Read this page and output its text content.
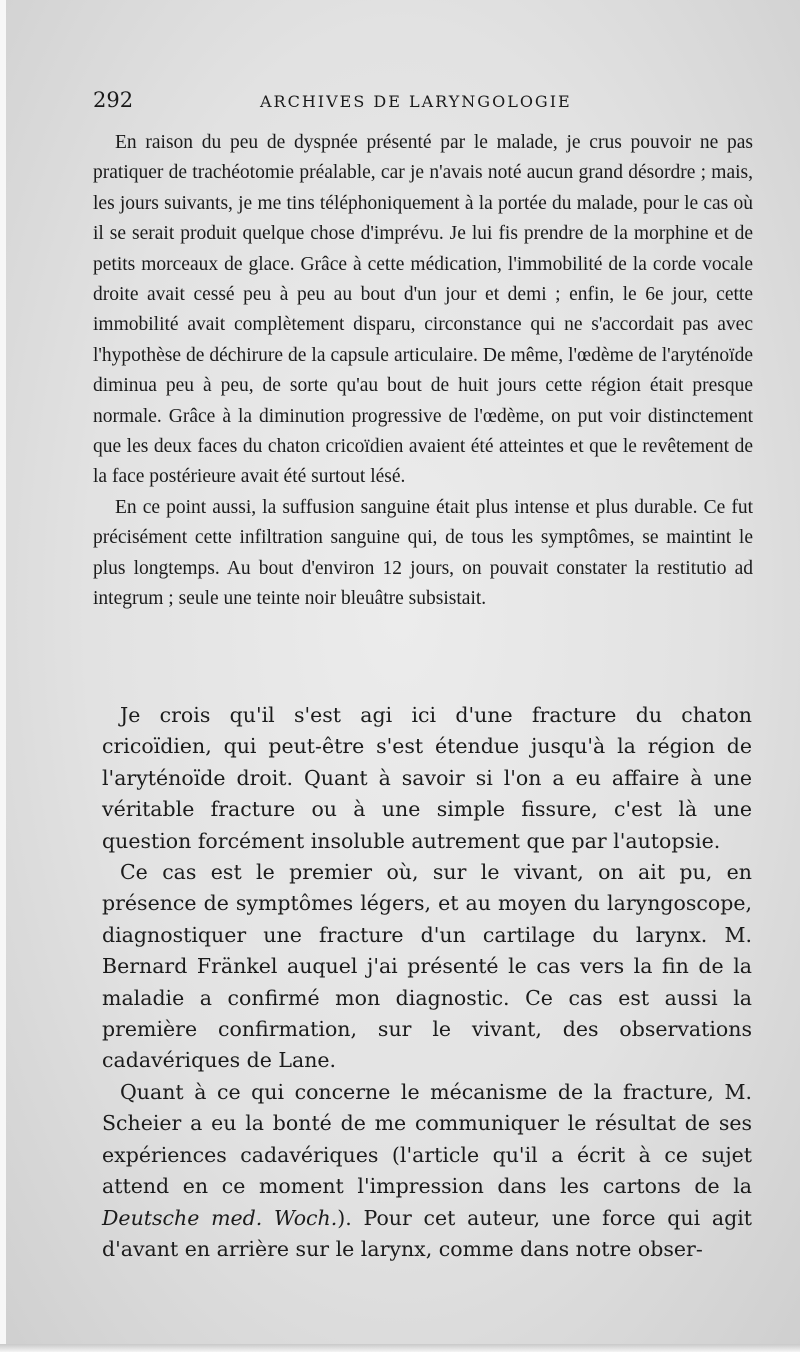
292	ARCHIVES DE LARYNGOLOGIE

En raison du peu de dyspnée présenté par le malade, je crus pouvoir ne pas pratiquer de trachéotomie préalable, car je n'avais noté aucun grand désordre ; mais, les jours suivants, je me tins téléphoniquement à la portée du malade, pour le cas où il se serait produit quelque chose d'imprévu. Je lui fis prendre de la morphine et de petits morceaux de glace. Grâce à cette médication, l'immobilité de la corde vocale droite avait cessé peu à peu au bout d'un jour et demi ; enfin, le 6e jour, cette immobilité avait complètement disparu, circonstance qui ne s'accordait pas avec l'hypothèse de déchirure de la capsule articulaire. De même, l'œdème de l'aryténoïde diminua peu à peu, de sorte qu'au bout de huit jours cette région était presque normale. Grâce à la diminution progressive de l'œdème, on put voir distinctement que les deux faces du chaton cricoïdien avaient été atteintes et que le revêtement de la face postérieure avait été surtout lésé.

En ce point aussi, la suffusion sanguine était plus intense et plus durable. Ce fut précisément cette infiltration sanguine qui, de tous les symptômes, se maintint le plus longtemps. Au bout d'environ 12 jours, on pouvait constater la restitutio ad integrum ; seule une teinte noir bleuâtre subsistait.

Je crois qu'il s'est agi ici d'une fracture du chaton cricoïdien, qui peut-être s'est étendue jusqu'à la région de l'aryténoïde droit. Quant à savoir si l'on a eu affaire à une véritable fracture ou à une simple fissure, c'est là une question forcément insoluble autrement que par l'autopsie.

Ce cas est le premier où, sur le vivant, on ait pu, en présence de symptômes légers, et au moyen du laryngoscope, diagnostiquer une fracture d'un cartilage du larynx. M. Bernard Fränkel auquel j'ai présenté le cas vers la fin de la maladie a confirmé mon diagnostic. Ce cas est aussi la première confirmation, sur le vivant, des observations cadavériques de Lane.

Quant à ce qui concerne le mécanisme de la fracture, M. Scheier a eu la bonté de me communiquer le résultat de ses expériences cadavériques (l'article qu'il a écrit à ce sujet attend en ce moment l'impression dans les cartons de la Deutsche med. Woch.). Pour cet auteur, une force qui agit d'avant en arrière sur le larynx, comme dans notre obser-
